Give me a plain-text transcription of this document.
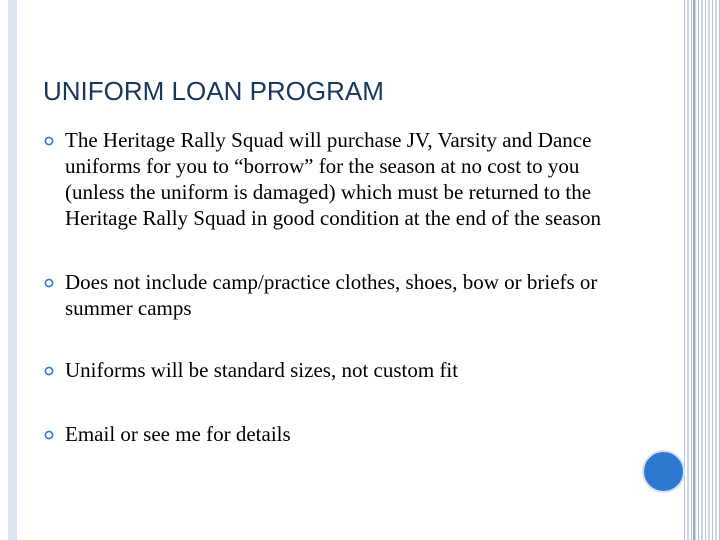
UNIFORM LOAN PROGRAM
The Heritage Rally Squad will purchase JV, Varsity and Dance uniforms for you to “borrow” for the season at no cost to you (unless the uniform is damaged) which must be returned to the Heritage Rally Squad in good condition at the end of the season
Does not include camp/practice clothes, shoes, bow or briefs or summer camps
Uniforms will be standard sizes, not custom fit
Email or see me for details
